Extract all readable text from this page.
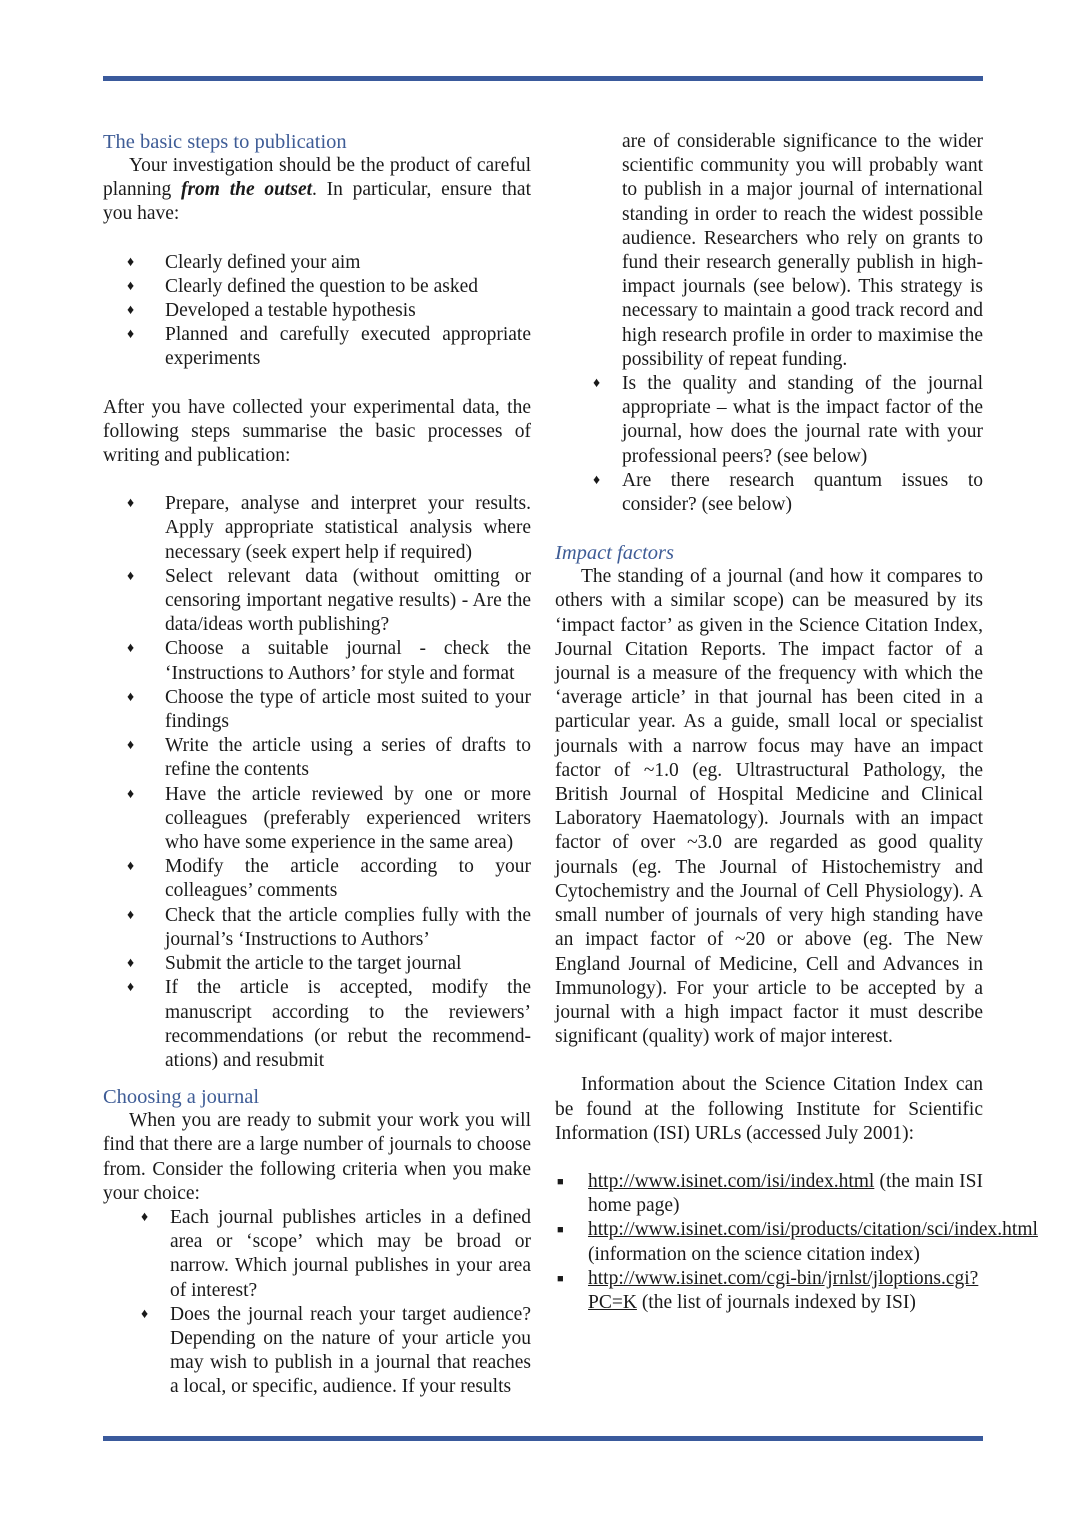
The basic steps to publication

Your investigation should be the product of careful planning from the outset. In particular, ensure that you have:

♦ Clearly defined your aim
♦ Clearly defined the question to be asked
♦ Developed a testable hypothesis
♦ Planned and carefully executed appropriate experiments

After you have collected your experimental data, the following steps summarise the basic processes of writing and publication:

♦ Prepare, analyse and interpret your results. Apply appropriate statistical analysis where necessary (seek expert help if required)
♦ Select relevant data (without omitting or censoring important negative results) - Are the data/ideas worth publishing?
♦ Choose a suitable journal - check the ‘Instructions to Authors’ for style and format
♦ Choose the type of article most suited to your findings
♦ Write the article using a series of drafts to refine the contents
♦ Have the article reviewed by one or more colleagues (preferably experienced writers who have some experience in the same area)
♦ Modify the article according to your colleagues’ comments
♦ Check that the article complies fully with the journal’s ‘Instructions to Authors’
♦ Submit the article to the target journal
♦ If the article is accepted, modify the manuscript according to the reviewers’ recommendations (or rebut the recommend-ations) and resubmit
Choosing a journal

When you are ready to submit your work you will find that there are a large number of journals to choose from. Consider the following criteria when you make your choice:

♦ Each journal publishes articles in a defined area or ‘scope’ which may be broad or narrow. Which journal publishes in your area of interest?
♦ Does the journal reach your target audience? Depending on the nature of your article you may wish to publish in a journal that reaches a local, or specific, audience. If your results
are of considerable significance to the wider scientific community you will probably want to publish in a major journal of international standing in order to reach the widest possible audience. Researchers who rely on grants to fund their research generally publish in high-impact journals (see below). This strategy is necessary to maintain a good track record and high research profile in order to maximise the possibility of repeat funding.
♦ Is the quality and standing of the journal appropriate – what is the impact factor of the journal, how does the journal rate with your professional peers? (see below)
♦ Are there research quantum issues to consider? (see below)
Impact factors

The standing of a journal (and how it compares to others with a similar scope) can be measured by its ‘impact factor’ as given in the Science Citation Index, Journal Citation Reports. The impact factor of a journal is a measure of the frequency with which the ‘average article’ in that journal has been cited in a particular year. As a guide, small local or specialist journals with a narrow focus may have an impact factor of ~1.0 (eg. Ultrastructural Pathology, the British Journal of Hospital Medicine and Clinical Laboratory Haematology). Journals with an impact factor of over ~3.0 are regarded as good quality journals (eg. The Journal of Histochemistry and Cytochemistry and the Journal of Cell Physiology). A small number of journals of very high standing have an impact factor of ~20 or above (eg. The New England Journal of Medicine, Cell and Advances in Immunology). For your article to be accepted by a journal with a high impact factor it must describe significant (quality) work of major interest.

Information about the Science Citation Index can be found at the following Institute for Scientific Information (ISI) URLs (accessed July 2001):

■ http://www.isinet.com/isi/index.html (the main ISI home page)
■ http://www.isinet.com/isi/products/citation/sci/index.html (information on the science citation index)
■ http://www.isinet.com/cgi-bin/jrnlst/jloptions.cgi?PC=K (the list of journals indexed by ISI)
